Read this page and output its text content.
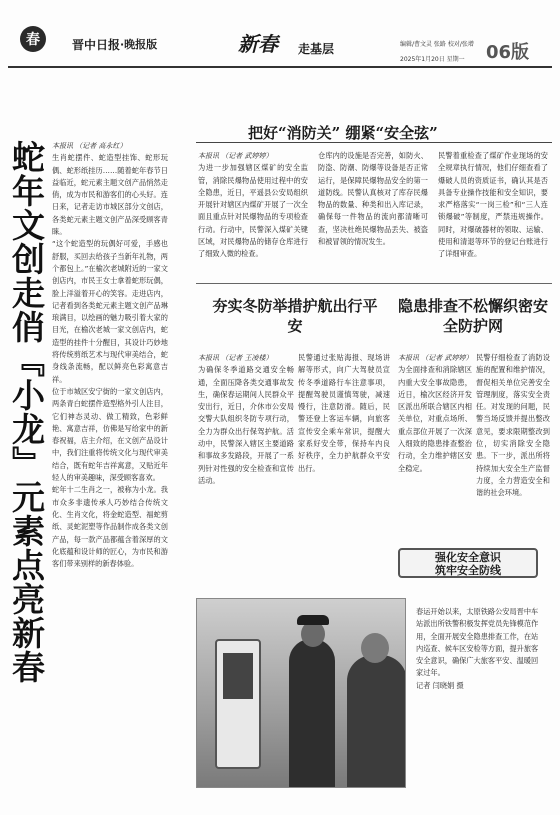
春	晋中日报 ·晚报版	新春 走基层	编辑/曹文灵 张路 校对/张增
2025年1月20日 星期一 06版
蛇年文创走俏『小龙』元素点亮新春 本报讯 （记者 高永红）

生肖蛇摆件、蛇造型挂饰、蛇形玩偶、蛇形纸挂历……随着蛇年春节日益临近，蛇元素主题文创产品悄然走俏，成为市民和游客们的心头好。连日来，记者走访市城区部分文创店，各类蛇元素主题文创产品深受顾客青睐。

“这个蛇造型的玩偶好可爱，手感也舒服，买回去给孩子当新年礼物，两个都包上。”在榆次老城附近的一家文创店内，市民王女士拿着蛇形玩偶，脸上洋溢着开心的笑容。走进店内，记者看到各类蛇元素主题文创产品琳琅满目，以绘画的魅力吸引着大家的目光，在榆次老城一家文创店内，蛇造型的挂件十分醒目，其设计巧妙地将传统剪纸艺术与现代审美结合，蛇身线条流畅，配以鲜亮色彩寓意吉祥。

位于市城区安宁街的一家文创店内，两条青白蛇摆件造型格外引人注目，它们神态灵动、做工精致，色彩鲜艳、寓意吉祥，仿佛是写给家中的新春祝福，店主介绍，在文创产品设计中，我们注重将传统文化与现代审美结合，既有蛇年吉祥寓意，又贴近年轻人的审美趣味，深受顾客喜欢。

蛇年十二生肖之一，被称为小龙。我市众多非遗传承人巧妙结合传统文化、生肖文化，将金蛇造型、福蛇剪纸、灵蛇泥塑等作品制作成各类文创产品，每一款产品都蕴含着深厚的文化底蕴和设计师的匠心，为市民和游客们带来别样的新春体验。

把好“消防关” 绷紧“安全弦”

本报讯 （记者 武婷婷）

为进一步加强辖区煤矿的安全监管，消除民爆物品使用过程中的安全隐患，近日，平遥县公安局组织开展针对辖区内煤矿开展了一次全面且重点针对民爆物品的专项检查行动。行动中，民警深入煤矿关键区域，对民爆物品的储存仓库进行了细致入微的检查。

仓库内的设施是否完善，如防火、防盗、防潮、防爆等设备是否正常运行，是保障民爆物品安全的第一道防线。民警认真核对了库存民爆物品的数量、种类和出入库记录，确保每一件物品的流向都清晰可查，坚决杜绝民爆物品丢失、被盗和被冒领的情况发生。

民警着重检查了煤矿作业现场的安全规章执行情况，他们仔细查看了爆破人员的资质证书，确认其是否具备专业操作技能和安全知识，要求严格落实“一岗三检”和“三人连锁爆破”等制度，严禁违规操作。同时，对爆破器材的领取、运输、使用和清退等环节的登记台账进行了详细审查。

夯实冬防举措护航出行平安

本报讯 （记者 王凌楼）

为确保冬季道路交通安全畅通，全面压降各类交通事故发生，确保春运期间人民群众平安出行，近日，介休市公安局交警大队组织冬防专项行动，全力为群众出行保驾护航。活动中，民警深入辖区主要道路和事故多发路段，开展了一系列针对性强的安全检查和宣传活动。

民警通过张贴海报、现场讲解等形式，向广大驾驶员宣传冬季道路行车注意事项，提醒驾驶员谨慎驾驶，减速慢行，注意防滑。随后，民警还登上客运车辆，向旅客宣传安全乘车常识，提醒大家系好安全带，保持车内良好秩序，全力护航群众平安出行。

隐患排查不松懈织密安全防护网

本报讯 （记者 武婷婷）

为全面排查和消除辖区内重大安全事故隐患，近日，榆次区经济开发区派出所联合辖区内相关单位，对重点场所、重点部位开展了一次深入细致的隐患排查整治行动，全力维护辖区安全稳定。

民警仔细检查了消防设施的配置和维护情况，督促相关单位完善安全管理制度，落实安全责任。对发现的问题，民警当场反馈并提出整改意见，要求限期整改到位，切实消除安全隐患。下一步，派出所将持续加大安全生产监督力度，全力营造安全和谐的社会环境。

强化安全意识
筑牢安全防线

春运开始以来，太原铁路公安局晋中车站派出所铁警积极发挥党员先锋模范作用，全面开展安全隐患排查工作，在站内巡查、候车区安检等方面，提升旅客安全意识，确保广大旅客平安、温暖回家过年。

记者 闫晓娟 摄
